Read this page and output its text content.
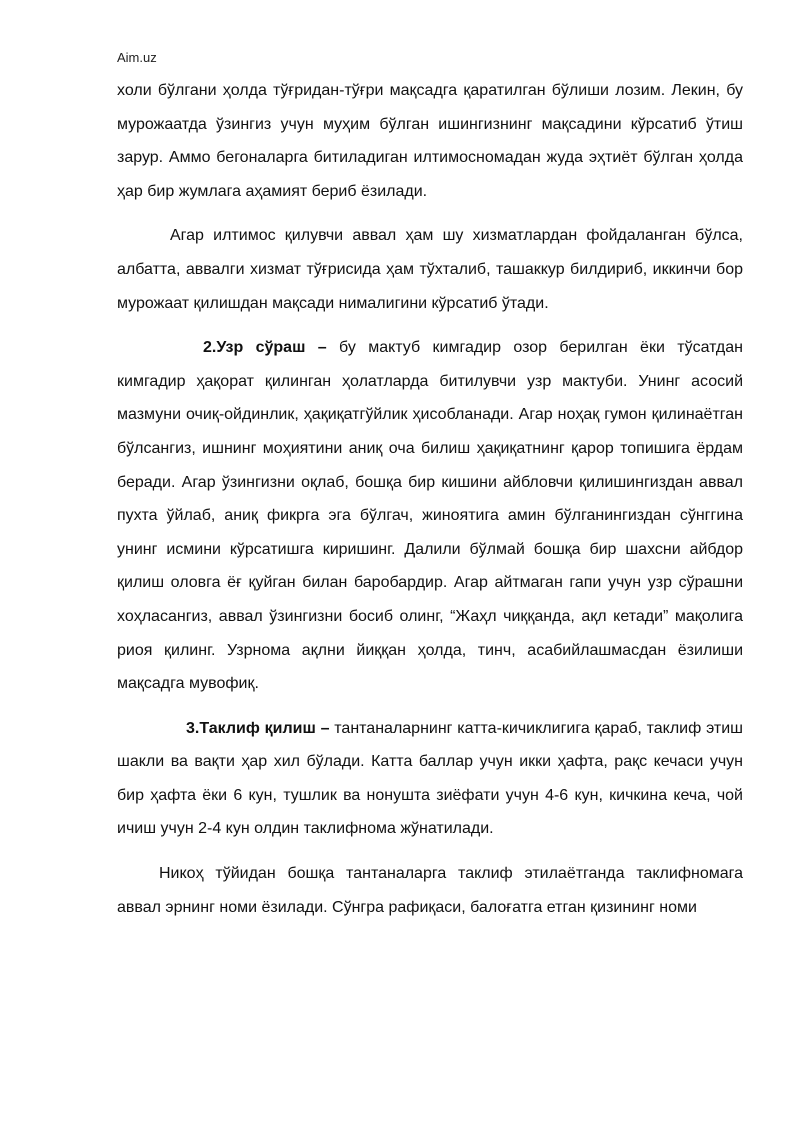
Aim.uz

холи бўлгани ҳолда тўғридан-тўғри мақсадга қаратилган бўлиши лозим. Лекин, бу мурожаатда ўзингиз учун муҳим бўлган ишингизнинг мақсадини кўрсатиб ўтиш зарур. Аммо бегоналарга битиладиган илтимосномадан жуда эҳтиёт бўлган ҳолда ҳар бир жумлага аҳамият бериб ёзилади.

Агар илтимос қилувчи аввал ҳам шу хизматлардан фойдаланган бўлса, албатта, аввалги хизмат тўғрисида ҳам тўхталиб, ташаккур билдириб, иккинчи бор мурожаат қилишдан мақсади нималигини кўрсатиб ўтади.

2.Узр сўраш – бу мактуб кимгадир озор берилган ёки тўсатдан кимгадир ҳақорат қилинган ҳолатларда битилувчи узр мактуби. Унинг асосий мазмуни очиқ-ойдинлик, ҳақиқатгўйлик ҳисобланади. Агар ноҳақ гумон қилинаётган бўлсангиз, ишнинг моҳиятини аниқ оча билиш ҳақиқатнинг қарор топишига ёрдам беради. Агар ўзингизни оқлаб, бошқа бир кишини айбловчи қилишингиздан аввал пухта ўйлаб, аниқ фикрга эга бўлгач, жиноятига амин бўлганингиздан сўнггина унинг исмини кўрсатишга киришинг. Далили бўлмай бошқа бир шахсни айбдор қилиш оловга ёғ қуйган билан баробардир. Агар айтмаган гапи учун узр сўрашни хоҳласангиз, аввал ўзингизни босиб олинг, “Жаҳл чиққанда, ақл кетади” мақолига риоя қилинг. Узрнома ақлни йиққан ҳолда, тинч, асабийлашмасдан ёзилиши мақсадга мувофиқ.

3.Таклиф қилиш – тантаналарнинг катта-кичиклигига қараб, таклиф этиш шакли ва вақти ҳар хил бўлади. Катта баллар учун икки ҳафта, рақс кечаси учун бир ҳафта ёки 6 кун, тушлик ва нонушта зиёфати учун 4-6 кун, кичкина кеча, чой ичиш учун 2-4 кун олдин таклифнома жўнатилади.

Никоҳ тўйидан бошқа тантаналарга таклиф этилаётганда таклифномага аввал эрнинг номи ёзилади. Сўнгра рафиқаси, балоғатга етган қизининг номи
